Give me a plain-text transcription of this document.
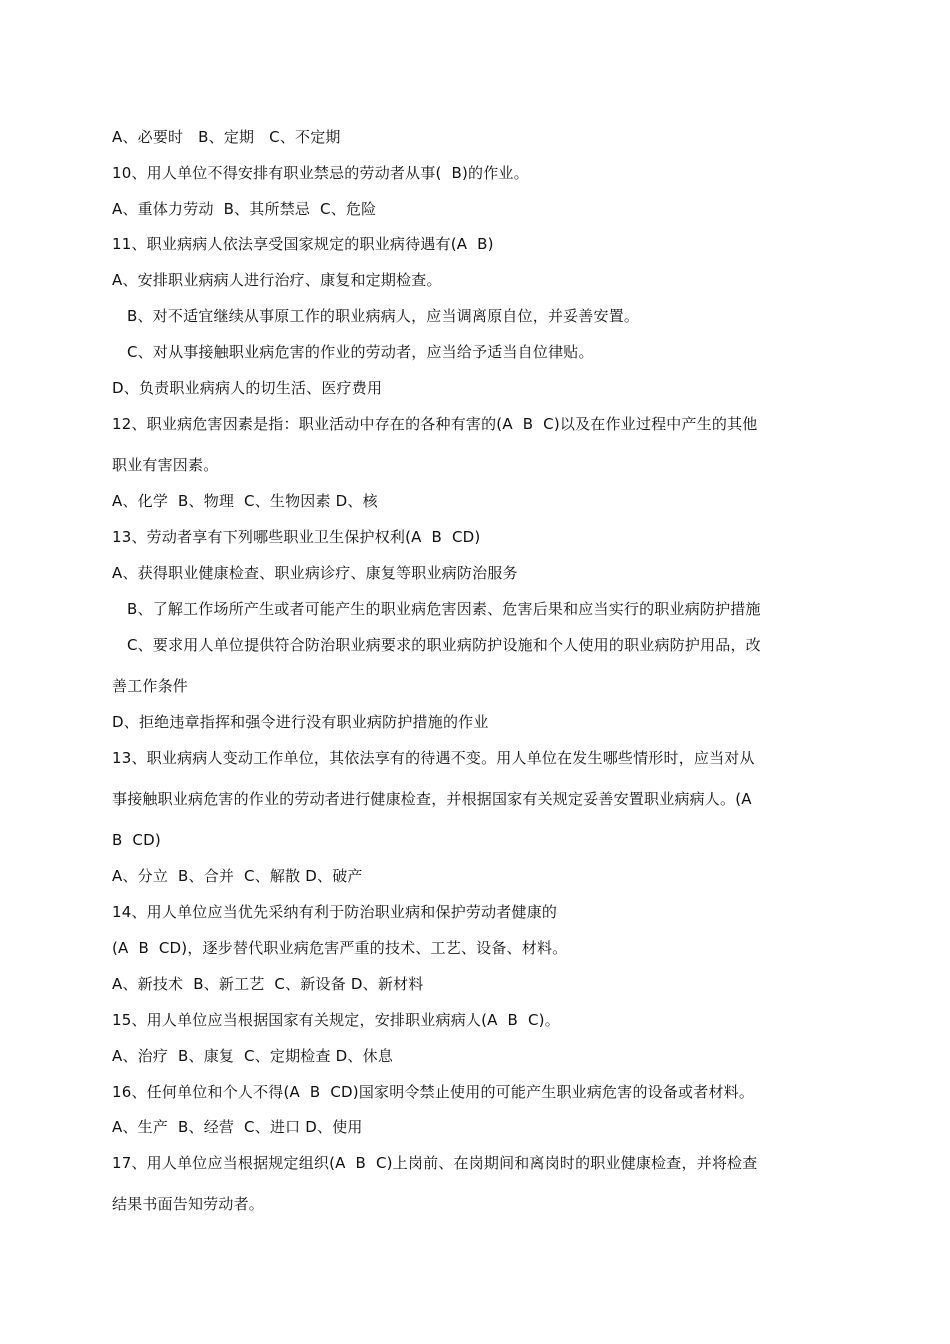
A、必要时   B、定期   C、不定期
10、用人单位不得安排有职业禁忌的劳动者从事(  B)的作业。
A、重体力劳动  B、其所禁忌  C、危险
11、职业病病人依法享受国家规定的职业病待遇有(A  B)
A、安排职业病病人进行治疗、康复和定期检查。
B、对不适宜继续从事原工作的职业病病人，应当调离原自位，并妥善安置。
C、对从事接触职业病危害的作业的劳动者，应当给予适当自位律贴。
D、负责职业病病人的切生活、医疗费用
12、职业病危害因素是指：职业活动中存在的各种有害的(A  B  C)以及在作业过程中产生的其他
职业有害因素。
A、化学  B、物理  C、生物因素 D、核
13、劳动者享有下列哪些职业卫生保护权利(A  B  CD)
A、获得职业健康检查、职业病诊疗、康复等职业病防治服务
B、了解工作场所产生或者可能产生的职业病危害因素、危害后果和应当实行的职业病防护措施
C、要求用人单位提供符合防治职业病要求的职业病防护设施和个人使用的职业病防护用品，改
善工作条件
D、拒绝违章指挥和强令进行没有职业病防护措施的作业
13、职业病病人变动工作单位，其依法享有的待遇不变。用人单位在发生哪些情形时，应当对从
事接触职业病危害的作业的劳动者进行健康检查，并根据国家有关规定妥善安置职业病病人。(A
B  CD)
A、分立  B、合并  C、解散 D、破产
14、用人单位应当优先采纳有利于防治职业病和保护劳动者健康的
(A  B  CD)，逐步替代职业病危害严重的技术、工艺、设备、材料。
A、新技术  B、新工艺  C、新设备 D、新材料
15、用人单位应当根据国家有关规定，安排职业病病人(A  B  C)。
A、治疗  B、康复  C、定期检查 D、休息
16、任何单位和个人不得(A  B  CD)国家明令禁止使用的可能产生职业病危害的设备或者材料。
A、生产  B、经营  C、进口 D、使用
17、用人单位应当根据规定组织(A  B  C)上岗前、在岗期间和离岗时的职业健康检查，并将检查
结果书面告知劳动者。
